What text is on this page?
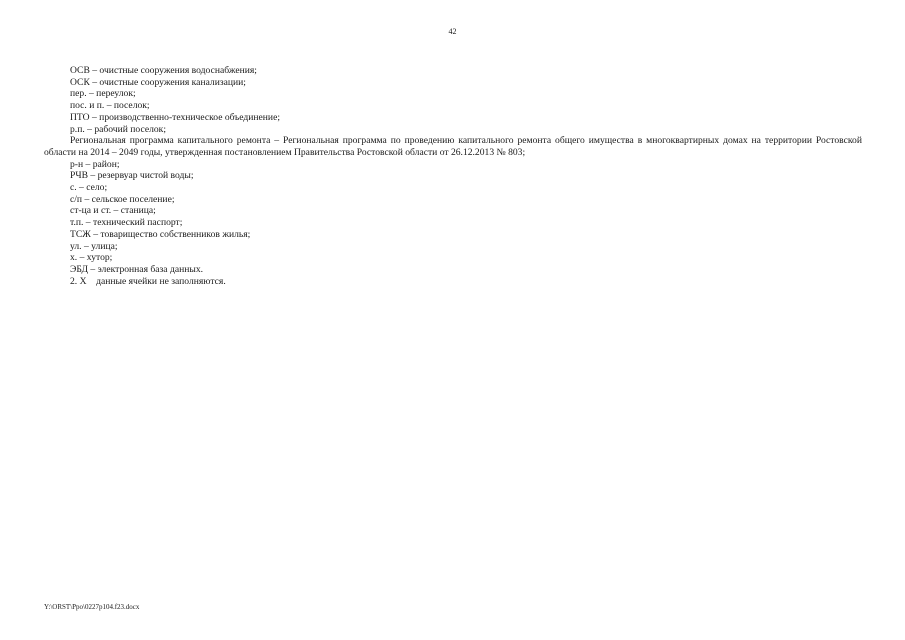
42

ОСВ – очистные сооружения водоснабжения;

ОСК – очистные сооружения канализации;

пер. – переулок;

пос. и п. – поселок;

ПТО – производственно-техническое объединение;

р.п. – рабочий поселок;

Региональная программа капитального ремонта – Региональная программа по проведению капитального ремонта общего имущества в многоквартирных домах на территории Ростовской области на 2014 – 2049 годы, утвержденная постановлением Правительства Ростовской области от 26.12.2013 № 803;

р-н – район;

РЧВ – резервуар чистой воды;

с. – село;

с/п – сельское поселение;

ст-ца и ст. – станица;

т.п. – технический паспорт;

ТСЖ – товарищество собственников жилья;

ул. – улица;

х. – хутор;

ЭБД – электронная база данных.

2. Х    данные ячейки не заполняются.

Y:\ORST\Ppo\0227p104.f23.docx
